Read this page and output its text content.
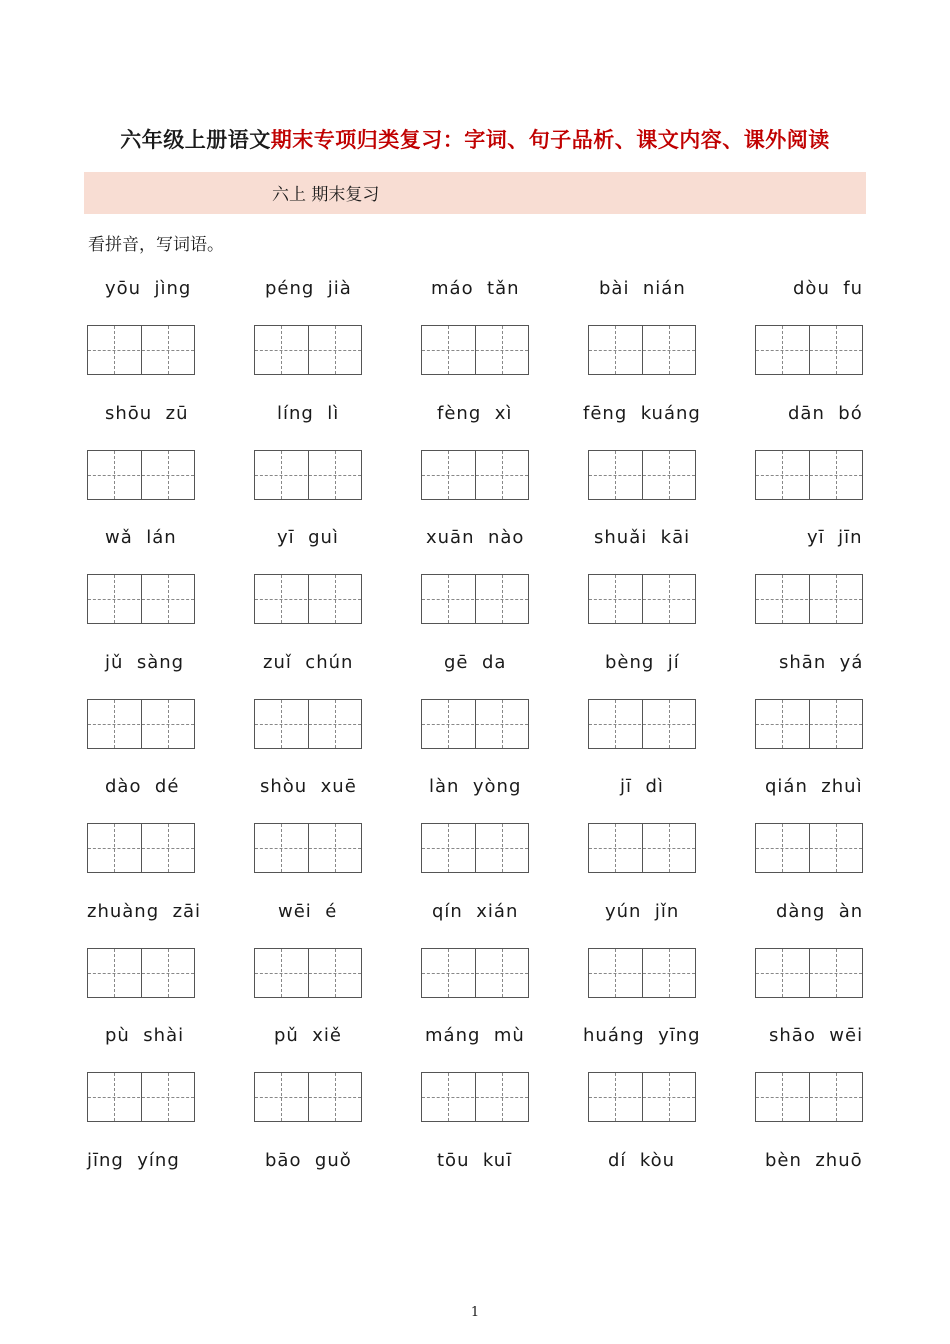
六年级上册语文期末专项归类复习：字词、句子品析、课文内容、课外阅读
六上 期末复习
看拼音，写词语。
yōu  jìng	péng  jià	máo  tǎn	bài  nián	dòu  fu
shōu  zū	líng  lì	fèng  xì	fēng  kuáng	dān  bó
wǎ  lán	yī  guì	xuān  nào	shuǎi  kāi	yī  jīn
jǔ  sàng	zuǐ  chún	gē  da	bèng  jí	shān  yá
dào  dé	shòu  xuē	làn  yòng	jī  dì	qián  zhuì
zhuàng  zāi	wēi  é	qín  xián	yún  jǐn	dàng  àn
pù  shài	pǔ  xiě	máng  mù	huáng  yīng	shāo  wēi
jīng  yíng	bāo  guǒ	tōu  kuī	dí  kòu	bèn  zhuō
1
